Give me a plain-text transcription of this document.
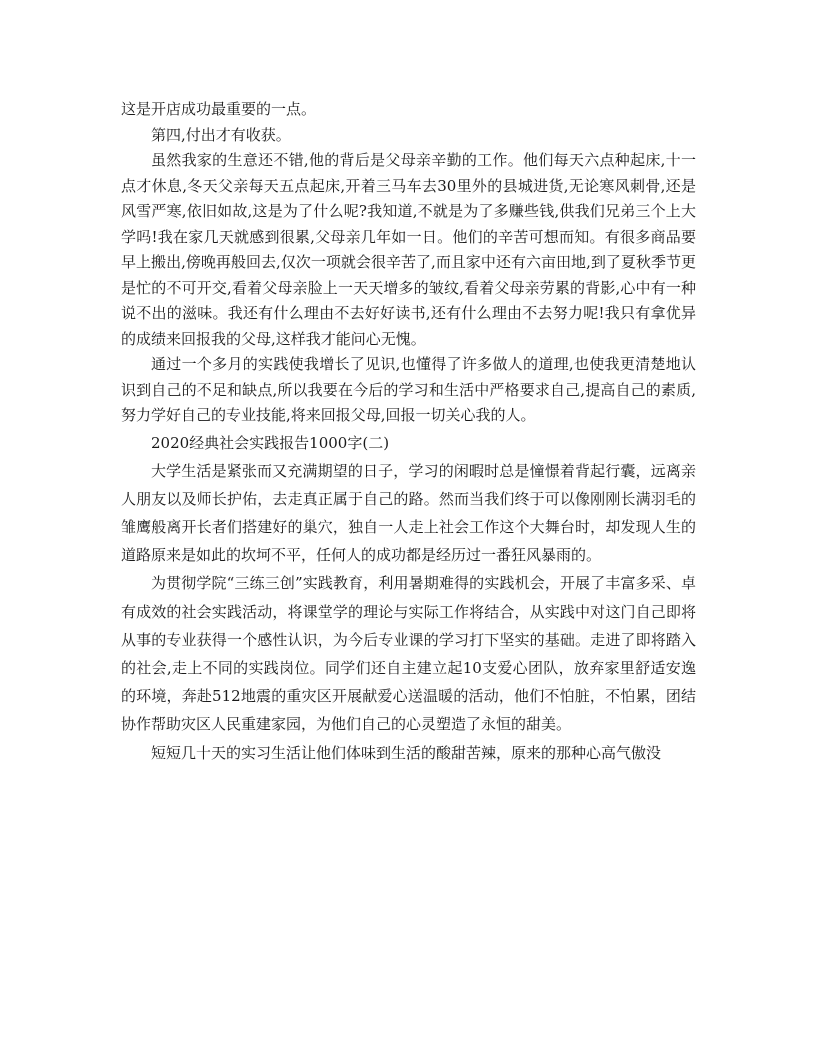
这是开店成功最重要的一点。

第四,付出才有收获。

虽然我家的生意还不错,他的背后是父母亲辛勤的工作。他们每天六点种起床,十一点才休息,冬天父亲每天五点起床,开着三马车去30里外的县城进货,无论寒风刺骨,还是风雪严寒,依旧如故,这是为了什么呢?我知道,不就是为了多赚些钱,供我们兄弟三个上大学吗!我在家几天就感到很累,父母亲几年如一日。他们的辛苦可想而知。有很多商品要早上搬出,傍晚再般回去,仅次一项就会很辛苦了,而且家中还有六亩田地,到了夏秋季节更是忙的不可开交,看着父母亲脸上一天天增多的皱纹,看着父母亲劳累的背影,心中有一种说不出的滋味。我还有什么理由不去好好读书,还有什么理由不去努力呢!我只有拿优异的成绩来回报我的父母,这样我才能问心无愧。

通过一个多月的实践使我增长了见识,也懂得了许多做人的道理,也使我更清楚地认识到自己的不足和缺点,所以我要在今后的学习和生活中严格要求自己,提高自己的素质,努力学好自己的专业技能,将来回报父母,回报一切关心我的人。

2020经典社会实践报告1000字(二)

大学生活是紧张而又充满期望的日子，学习的闲暇时总是憧憬着背起行囊，远离亲人朋友以及师长护佑，去走真正属于自己的路。然而当我们终于可以像刚刚长满羽毛的雏鹰般离开长者们搭建好的巢穴，独自一人走上社会工作这个大舞台时，却发现人生的道路原来是如此的坎坷不平，任何人的成功都是经历过一番狂风暴雨的。

为贯彻学院“三练三创”实践教育，利用暑期难得的实践机会，开展了丰富多采、卓有成效的社会实践活动，将课堂学的理论与实际工作将结合，从实践中对这门自己即将从事的专业获得一个感性认识，为今后专业课的学习打下坚实的基础。走进了即将踏入的社会,走上不同的实践岗位。同学们还自主建立起10支爱心团队，放弃家里舒适安逸的环境，奔赴512地震的重灾区开展献爱心送温暖的活动，他们不怕脏，不怕累，团结协作帮助灾区人民重建家园，为他们自己的心灵塑造了永恒的甜美。

短短几十天的实习生活让他们体味到生活的酸甜苦辣，原来的那种心高气傲没
